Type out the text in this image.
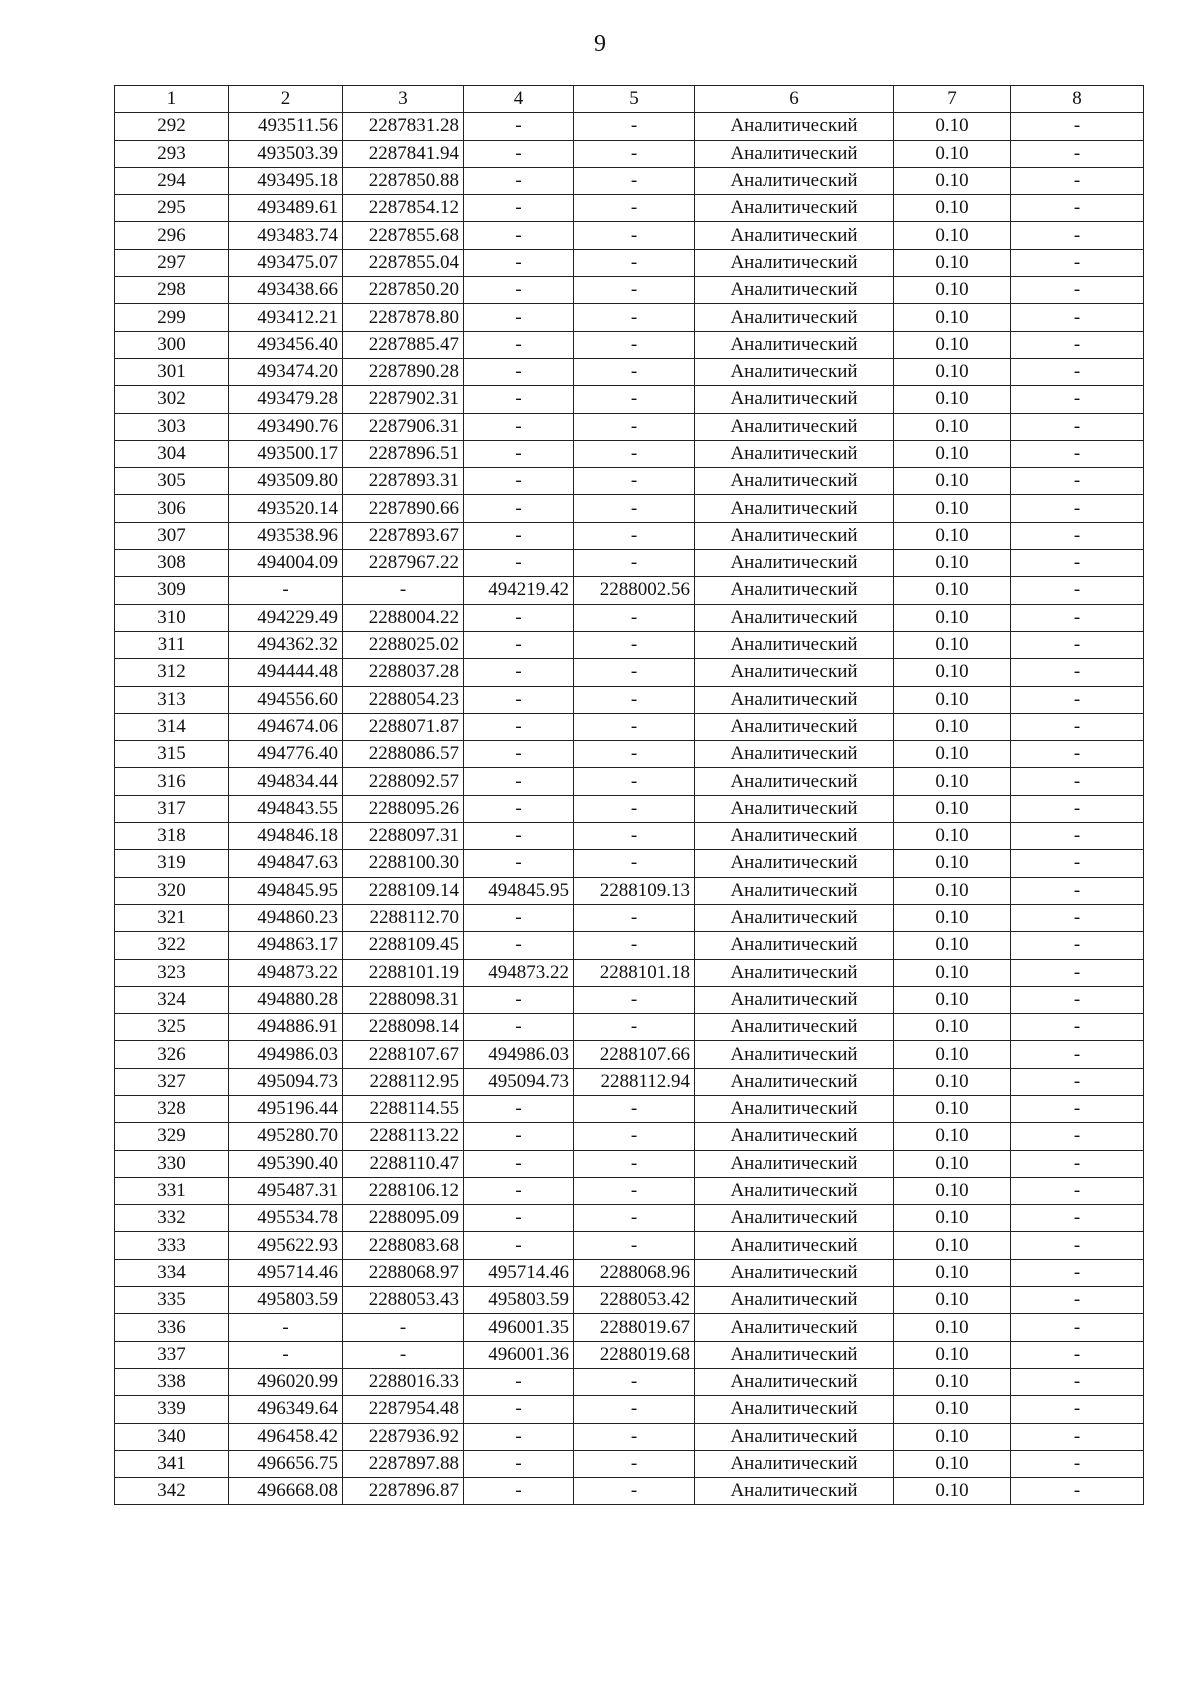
9
1	2	3	4	5	6	7	8
292	493511.56	2287831.28	-	-	Аналитический	0.10	-
293	493503.39	2287841.94	-	-	Аналитический	0.10	-
294	493495.18	2287850.88	-	-	Аналитический	0.10	-
295	493489.61	2287854.12	-	-	Аналитический	0.10	-
296	493483.74	2287855.68	-	-	Аналитический	0.10	-
297	493475.07	2287855.04	-	-	Аналитический	0.10	-
298	493438.66	2287850.20	-	-	Аналитический	0.10	-
299	493412.21	2287878.80	-	-	Аналитический	0.10	-
300	493456.40	2287885.47	-	-	Аналитический	0.10	-
301	493474.20	2287890.28	-	-	Аналитический	0.10	-
302	493479.28	2287902.31	-	-	Аналитический	0.10	-
303	493490.76	2287906.31	-	-	Аналитический	0.10	-
304	493500.17	2287896.51	-	-	Аналитический	0.10	-
305	493509.80	2287893.31	-	-	Аналитический	0.10	-
306	493520.14	2287890.66	-	-	Аналитический	0.10	-
307	493538.96	2287893.67	-	-	Аналитический	0.10	-
308	494004.09	2287967.22	-	-	Аналитический	0.10	-
309	-	-	494219.42	2288002.56	Аналитический	0.10	-
310	494229.49	2288004.22	-	-	Аналитический	0.10	-
311	494362.32	2288025.02	-	-	Аналитический	0.10	-
312	494444.48	2288037.28	-	-	Аналитический	0.10	-
313	494556.60	2288054.23	-	-	Аналитический	0.10	-
314	494674.06	2288071.87	-	-	Аналитический	0.10	-
315	494776.40	2288086.57	-	-	Аналитический	0.10	-
316	494834.44	2288092.57	-	-	Аналитический	0.10	-
317	494843.55	2288095.26	-	-	Аналитический	0.10	-
318	494846.18	2288097.31	-	-	Аналитический	0.10	-
319	494847.63	2288100.30	-	-	Аналитический	0.10	-
320	494845.95	2288109.14	494845.95	2288109.13	Аналитический	0.10	-
321	494860.23	2288112.70	-	-	Аналитический	0.10	-
322	494863.17	2288109.45	-	-	Аналитический	0.10	-
323	494873.22	2288101.19	494873.22	2288101.18	Аналитический	0.10	-
324	494880.28	2288098.31	-	-	Аналитический	0.10	-
325	494886.91	2288098.14	-	-	Аналитический	0.10	-
326	494986.03	2288107.67	494986.03	2288107.66	Аналитический	0.10	-
327	495094.73	2288112.95	495094.73	2288112.94	Аналитический	0.10	-
328	495196.44	2288114.55	-	-	Аналитический	0.10	-
329	495280.70	2288113.22	-	-	Аналитический	0.10	-
330	495390.40	2288110.47	-	-	Аналитический	0.10	-
331	495487.31	2288106.12	-	-	Аналитический	0.10	-
332	495534.78	2288095.09	-	-	Аналитический	0.10	-
333	495622.93	2288083.68	-	-	Аналитический	0.10	-
334	495714.46	2288068.97	495714.46	2288068.96	Аналитический	0.10	-
335	495803.59	2288053.43	495803.59	2288053.42	Аналитический	0.10	-
336	-	-	496001.35	2288019.67	Аналитический	0.10	-
337	-	-	496001.36	2288019.68	Аналитический	0.10	-
338	496020.99	2288016.33	-	-	Аналитический	0.10	-
339	496349.64	2287954.48	-	-	Аналитический	0.10	-
340	496458.42	2287936.92	-	-	Аналитический	0.10	-
341	496656.75	2287897.88	-	-	Аналитический	0.10	-
342	496668.08	2287896.87	-	-	Аналитический	0.10	-
